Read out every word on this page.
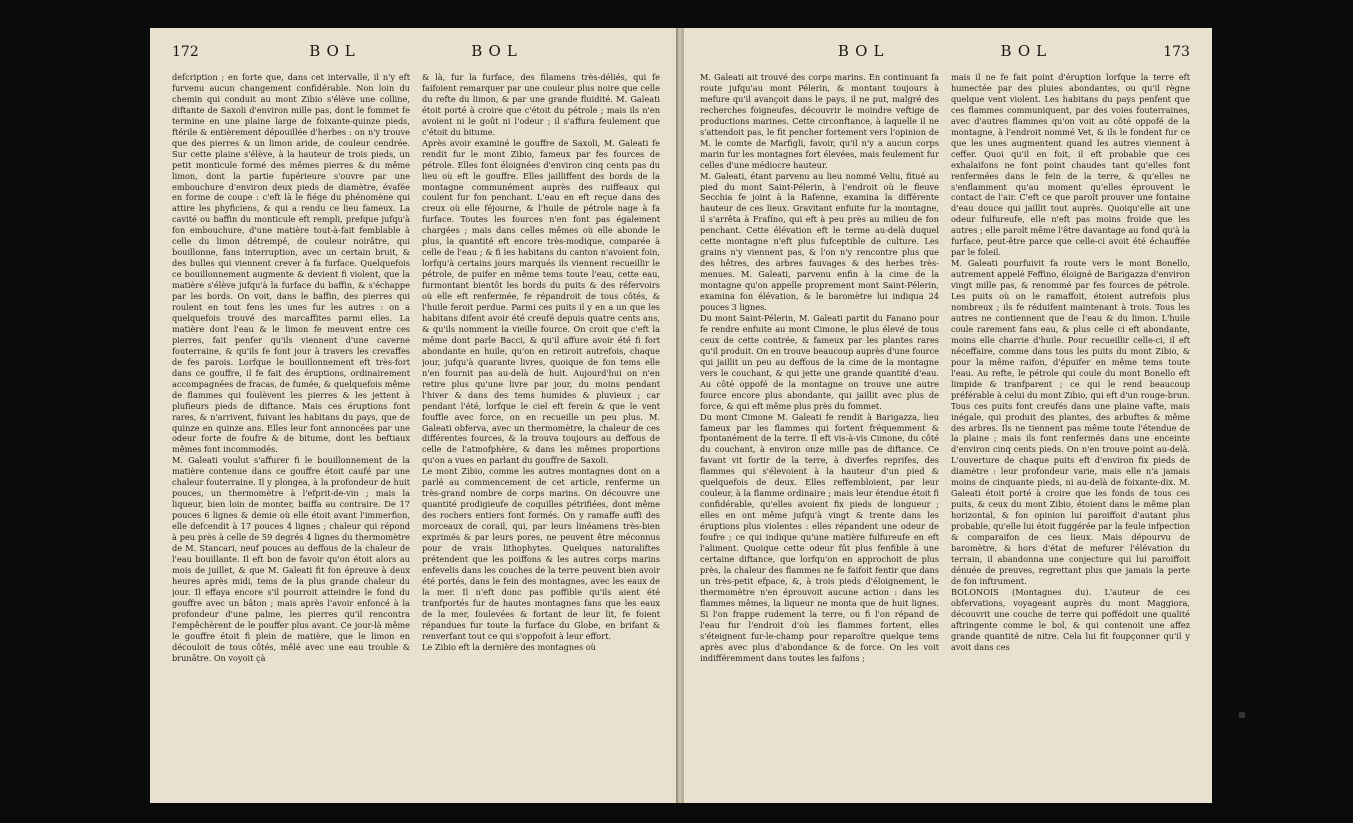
172	BOL	BOL
defcription ; en forte que, dans cet intervalle, il n'y eft furvenu aucun changement confidérable. Non loin du chemin qui conduit au mont Zibio s'élève une colline, diftante de Saxoli d'environ mille pas, dont le fommet fe termine en une plaine large de foixante-quinze pieds, ftérile & entièrement dépouillée d'herbes : on n'y trouve que des pierres & un limon aride, de couleur cendrée. Sur cette plaine s'élève, à la hauteur de trois pieds, un petit monticule formé des mêmes pierres & du même limon, dont la partie fupérieure s'ouvre par une embouchure d'environ deux pieds de diamètre, évafée en forme de coupe : c'eft là le fiége du phénomène qui attire les phyficiens, & qui a rendu ce lieu fameux. La cavité ou baffin du monticule eft rempli, prefque jufqu'à fon embouchure, d'une matière tout-à-fait femblable à celle du limon détrempé, de couleur noirâtre, qui bouillonne, fans interruption, avec un certain bruit, & des bulles qui viennent crever à fa furface. Quelquefois ce bouillonnement augmente & devient fi violent, que la matière s'élève jufqu'à la furface du baffin, & s'échappe par les bords. On voit, dans le baffin, des pierres qui roulent en tout fens les unes fur les autres : on a quelquefois trouvé des marcaffites parmi elles. La matière dont l'eau & le limon fe meuvent entre ces pierres, fait penfer qu'ils viennent d'une caverne fouterraine, & qu'ils fe font jour à travers les crevaffes de fes parois. Lorfque le bouillonnement eft très-fort dans ce gouffre, il fe fait des éruptions, ordinairement accompagnées de fracas, de fumée, & quelquefois même de flammes qui foulèvent les pierres & les jettent à plufieurs pieds de diftance. Mais ces éruptions font rares, & n'arrivent, fuivant les habitans du pays, que de quinze en quinze ans. Elles leur font annoncées par une odeur forte de foufre & de bitume, dont les beftiaux mêmes font incommodés.
M. Galeati voulut s'affurer fi le bouillonnement de la matière contenue dans ce gouffre étoit caufé par une chaleur fouterraine. Il y plongea, à la profondeur de huit pouces, un thermomètre à l'efprit-de-vin ; mais la liqueur, bien loin de monter, baiffa au contraire. De 17 pouces 6 lignes & demie où elle étoit avant l'immerfion, elle defcendit à 17 pouces 4 lignes ; chaleur qui répond à peu près à celle de 59 degrés 4 lignes du thermomètre de M. Stancari, neuf pouces au deffous de la chaleur de l'eau bouillante. Il eft bon de favoir qu'on étoit alors au mois de juillet, & que M. Galeati fit fon épreuve à deux heures après midi, tems de la plus grande chaleur du jour. Il effaya encore s'il pourroit atteindre le fond du gouffre avec un bâton ; mais après l'avoir enfoncé à la profondeur d'une palme, les pierres qu'il rencontra l'empêchèrent de le pouffer plus avant. Ce jour-là même le gouffre étoit fi plein de matière, que le limon en découloit de tous côtés, mêlé avec une eau trouble & brunâtre. On voyoit çà
& là, fur la furface, des filamens très-déliés, qui fe faifoient remarquer par une couleur plus noire que celle du refte du limon, & par une grande fluidité. M. Galeati étoit porté à croire que c'étoit du pétrole ; mais ils n'en avoient ni le goût ni l'odeur ; il s'affura feulement que c'étoit du bitume.
Après avoir examiné le gouffre de Saxoli, M. Galeati fe rendit fur le mont Zibio, fameux par fes fources de pétrole. Elles font éloignées d'environ cinq cents pas du lieu où eft le gouffre. Elles jailliffent des bords de la montagne communément auprès des ruiffeaux qui coulent fur fon penchant. L'eau en eft reçue dans des creux où elle féjourne, & l'huile de pétrole nage à fa furface. Toutes les fources n'en font pas également chargées ; mais dans celles mêmes où elle abonde le plus, la quantité eft encore très-modique, comparée à celle de l'eau ; & fi les habitans du canton n'avoient foin, lorfqu'à certains jours marqués ils viennent recueillir le pétrole, de puifer en même tems toute l'eau, cette eau, furmontant bientôt les bords du puits & des réfervoirs où elle eft renfermée, fe répandroit de tous côtés, & l'huile feroit perdue. Parmi ces puits il y en a un que les habitans difent avoir été creufé depuis quatre cents ans, & qu'ils nomment la vieille fource. On croit que c'eft la même dont parle Bacci, & qu'il affure avoir été fi fort abondante en huile, qu'on en retiroit autrefois, chaque jour, jufqu'à quarante livres, quoique de fon tems elle n'en fournit pas au-delà de huit. Aujourd'hui on n'en retire plus qu'une livre par jour, du moins pendant l'hiver & dans des tems humides & pluvieux ; car pendant l'été, lorfque le ciel eft ferein & que le vent fouffle avec force, on en recueille un peu plus. M. Galeati obferva, avec un thermomètre, la chaleur de ces différentes fources, & la trouva toujours au deffous de celle de l'atmofphère, & dans les mêmes proportions qu'on a vues en parlant du gouffre de Saxoli.
Le mont Zibio, comme les autres montagnes dont on a parlé au commencement de cet article, renferme un très-grand nombre de corps marins. On découvre une quantité prodigieufe de coquilles pétrifiées, dont même des rochers entiers font formés. On y ramaffe auffi des morceaux de corail, qui, par leurs linéamens très-bien exprimés & par leurs pores, ne peuvent être méconnus pour de vrais lithophytes. Quelques naturaliftes prétendent que les poiffons & les autres corps marins enfevelis dans les couches de la terre peuvent bien avoir été portés, dans le fein des montagnes, avec les eaux de la mer. Il n'eft donc pas poffible qu'ils aient été tranfportés fur de hautes montagnes fans que les eaux de la mer, foulevées & fortant de leur lit, fe foient répandues fur toute la furface du Globe, en brifant & renverfant tout ce qui s'oppofoit à leur effort.
Le Zibio eft la dernière des montagnes où
BOL	BOL	173
M. Galeati ait trouvé des corps marins. En continuant fa route jufqu'au mont Pélerin, & montant toujours à mefure qu'il avançoit dans le pays, il ne put, malgré des recherches foigneufes, découvrir le moindre veftige de productions marines. Cette circonftance, à laquelle il ne s'attendoit pas, le fit pencher fortement vers l'opinion de M. le comte de Marfigli, favoir, qu'il n'y a aucun corps marin fur les montagnes fort élevées, mais feulement fur celles d'une médiocre hauteur.
M. Galeati, étant parvenu au lieu nommé Veliu, fitué au pied du mont Saint-Pélerin, à l'endroit où le fleuve Secchia fe joint à la Rafenne, examina la différente hauteur de ces lieux. Gravitant enfuite fur la montagne, il s'arrêta à Frafíno, qui eft à peu près au milieu de fon penchant. Cette élévation eft le terme au-delà duquel cette montagne n'eft plus fufceptible de culture. Les grains n'y viennent pas, & l'on n'y rencontre plus que des hêtres, des arbres fauvages & des herbes très-menues. M. Galeati, parvenu enfin à la cime de la montagne qu'on appelle proprement mont Saint-Pélerin, examina fon élévation, & le baromètre lui indiqua 24 pouces 3 lignes.
Du mont Saint-Pélerin, M. Galeati partit du Fanano pour fe rendre enfuite au mont Cimone, le plus élevé de tous ceux de cette contrée, & fameux par les plantes rares qu'il produit. On en trouve beaucoup auprès d'une fource qui jaillit un peu au deffous de la cime de la montagne vers le couchant, & qui jette une grande quantité d'eau. Au côté oppofé de la montagne on trouve une autre fource encore plus abondante, qui jaillit avec plus de force, & qui eft même plus près du fommet.
Du mont Cimone M. Galeati fe rendit à Barigazza, lieu fameux par les flammes qui fortent fréquemment & fpontanément de la terre. Il eft vis-à-vis Cimone, du côté du couchant, à environ onze mille pas de diftance. Ce favant vit fortir de la terre, à diverfes reprifes, des flammes qui s'élevoient à la hauteur d'un pied & quelquefois de deux. Elles reffembloient, par leur couleur, à la flamme ordinaire ; mais leur étendue étoit fi confidérable, qu'elles avoient fix pieds de longueur ; elles en ont même jufqu'à vingt & trente dans les éruptions plus violentes : elles répandent une odeur de foufre ; ce qui indique qu'une matière fulfureufe en eft l'aliment. Quoique cette odeur fût plus fenfible à une certaine diftance, que lorfqu'on en approchoit de plus près, la chaleur des flammes ne fe faifoit fentir que dans un très-petit efpace, &, à trois pieds d'éloignement, le thermomètre n'en éprouvoit aucune action : dans les flammes mêmes, la liqueur ne monta que de huit lignes. Si l'on frappe rudement la terre, ou fi l'on répand de l'eau fur l'endroit d'où les flammes fortent, elles s'éteignent fur-le-champ pour reparoître quelque tems après avec plus d'abondance & de force. On les voit indifféremment dans toutes les faifons ;
mais il ne fe fait point d'éruption lorfque la terre eft humectée par des pluies abondantes, ou qu'il règne quelque vent violent. Les habitans du pays penfent que ces flammes communiquent, par des voies fouterraines, avec d'autres flammes qu'on voit au côté oppofé de la montagne, à l'endroit nommé Vet, & ils le fondent fur ce que les unes augmentent quand les autres viennent à ceffer. Quoi qu'il en foit, il eft probable que ces exhalaifons ne font point chaudes tant qu'elles font renfermées dans le fein de la terre, & qu'elles ne s'enflamment qu'au moment qu'elles éprouvent le contact de l'air. C'eft ce que paroît prouver une fontaine d'eau douce qui jaillit tout auprès. Quoiqu'elle ait une odeur fulfureufe, elle n'eft pas moins froide que les autres ; elle paroît même l'être davantage au fond qu'à la furface, peut-être parce que celle-ci avoit été échauffée par le foleil.
M. Galeati pourfuivit fa route vers le mont Bonello, autrement appelé Feffino, éloigné de Barigazza d'environ vingt mille pas, & renommé par fes fources de pétrole. Les puits où on le ramaffoit, étoient autrefois plus nombreux ; ils fe réduifent maintenant à trois. Tous les autres ne contiennent que de l'eau & du limon. L'huile coule rarement fans eau, & plus celle ci eft abondante, moins elle charrie d'huile. Pour recueillir celle-ci, il eft néceffaire, comme dans tous les puits du mont Zibio, & pour la même raifon, d'épuifer en même tems toute l'eau. Au refte, le pétrole qui coule du mont Bonello eft limpide & tranfparent ; ce qui le rend beaucoup préférable à celui du mont Zibio, qui eft d'un rouge-brun. Tous ces puits font creufés dans une plaine vafte, mais inégale, qui produit des plantes, des arbuftes & même des arbres. Ils ne tiennent pas même toute l'étendue de la plaine ; mais ils font renfermés dans une enceinte d'environ cinq cents pieds. On n'en trouve point au-delà. L'ouverture de chaque puits eft d'environ fix pieds de diamètre : leur profondeur varie, mais elle n'a jamais moins de cinquante pieds, ni au-delà de foixante-dix. M. Galeati étoit porté à croire que les fonds de tous ces puits, & ceux du mont Zibio, étoient dans le même plan horizontal, & fon opinion lui paroiffoit d'autant plus probable, qu'elle lui étoit fuggérée par la feule infpection & comparaifon de ces lieux. Mais dépourvu de baromètre, & hors d'état de mefurer l'élévation du terrain, il abandonna une conjecture qui lui paroiffoit dénuée de preuves, regrettant plus que jamais la perte de fon inftrument.
BOLONOIS (Montagnes du). L'auteur de ces obfervations, voyageant auprès du mont Maggiora, découvrit une couche de terre qui poffédoit une qualité aftringente comme le bol, & qui contenoit une affez grande quantité de nitre. Cela lui fit foupçonner qu'il y avoit dans ces
